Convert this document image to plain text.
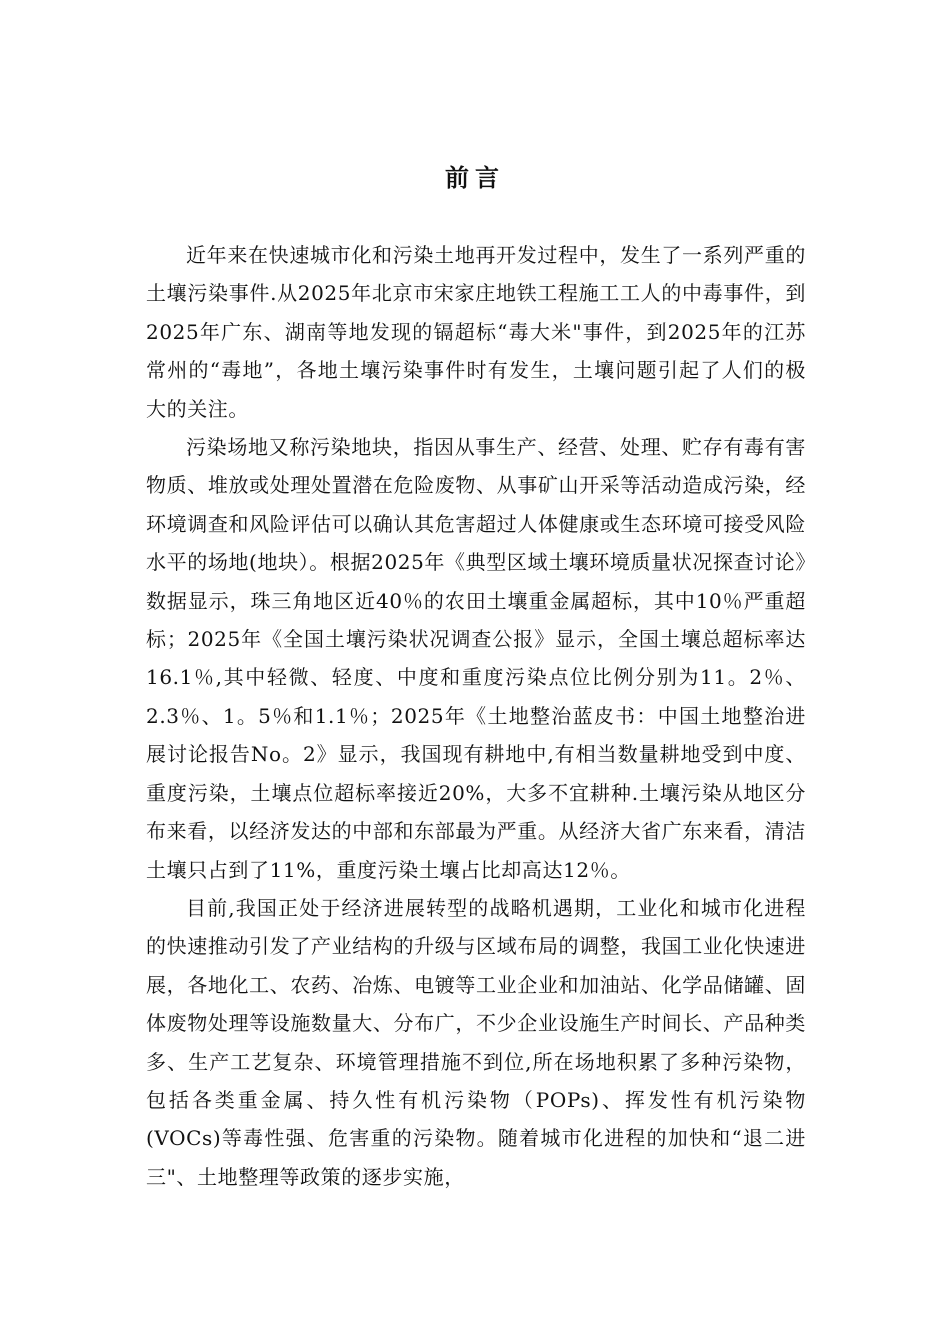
前言

近年来在快速城市化和污染土地再开发过程中，发生了一系列严重的土壤污染事件.从2025年北京市宋家庄地铁工程施工工人的中毒事件，到2025年广东、湖南等地发现的镉超标“毒大米"事件，到2025年的江苏常州的“毒地”，各地土壤污染事件时有发生，土壤问题引起了人们的极大的关注。

污染场地又称污染地块，指因从事生产、经营、处理、贮存有毒有害物质、堆放或处理处置潜在危险废物、从事矿山开采等活动造成污染，经环境调查和风险评估可以确认其危害超过人体健康或生态环境可接受风险水平的场地(地块）。根据2025年《典型区域土壤环境质量状况探查讨论》数据显示，珠三角地区近40％的农田土壤重金属超标，其中10％严重超标；2025年《全国土壤污染状况调查公报》显示，全国土壤总超标率达16.1％,其中轻微、轻度、中度和重度污染点位比例分别为11。2％、2.3％、1。5％和1.1％；2025年《土地整治蓝皮书：中国土地整治进展讨论报告No。2》显示，我国现有耕地中,有相当数量耕地受到中度、重度污染，土壤点位超标率接近20%，大多不宜耕种.土壤污染从地区分布来看，以经济发达的中部和东部最为严重。从经济大省广东来看，清洁土壤只占到了11%，重度污染土壤占比却高达12％。

目前,我国正处于经济进展转型的战略机遇期，工业化和城市化进程的快速推动引发了产业结构的升级与区域布局的调整，我国工业化快速进展，各地化工、农药、冶炼、电镀等工业企业和加油站、化学品储罐、固体废物处理等设施数量大、分布广，不少企业设施生产时间长、产品种类多、生产工艺复杂、环境管理措施不到位,所在场地积累了多种污染物，包括各类重金属、持久性有机污染物（POPs)、挥发性有机污染物(VOCs)等毒性强、危害重的污染物。随着城市化进程的加快和“退二进三"、土地整理等政策的逐步实施，
